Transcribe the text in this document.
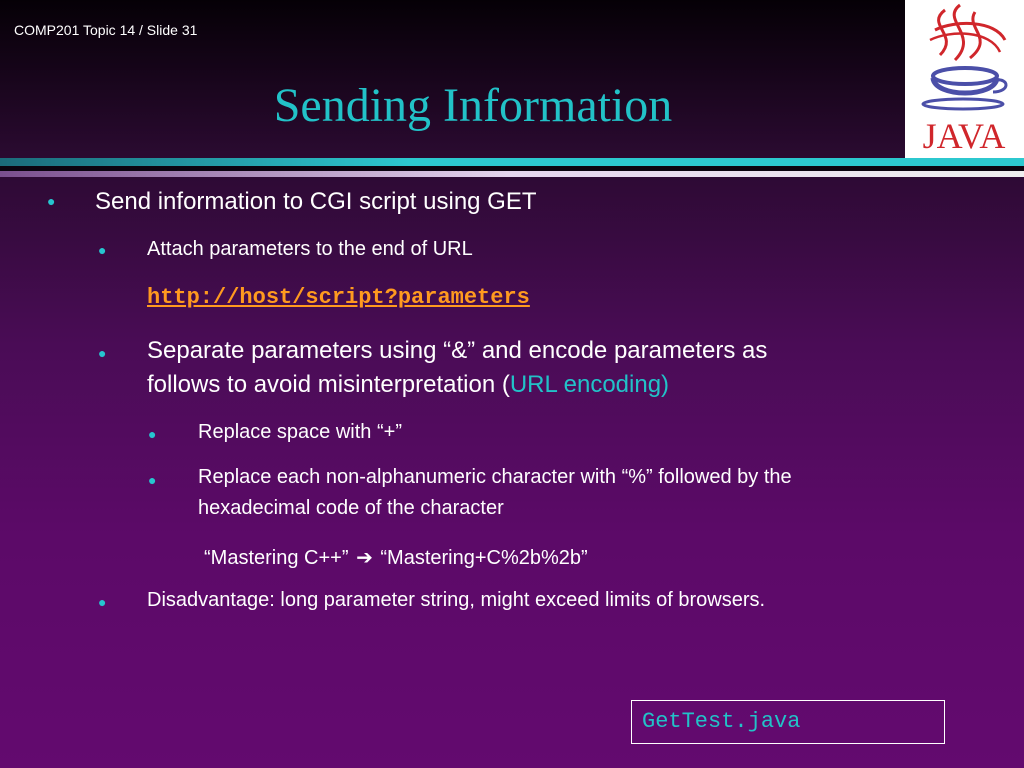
COMP201 Topic 14 / Slide 31
Sending Information
JAVA
● Send information to CGI script using GET
● Attach parameters to the end of URL
http://host/script?parameters
● Separate parameters using “&” and encode parameters as
follows to avoid misinterpretation (URL encoding)
● Replace space with “+”
● Replace each non-alphanumeric character with “%” followed by the
hexadecimal code of the character
“Mastering C++” ➔ “Mastering+C%2b%2b”
● Disadvantage: long parameter string, might exceed limits of browsers.
GetTest.java
